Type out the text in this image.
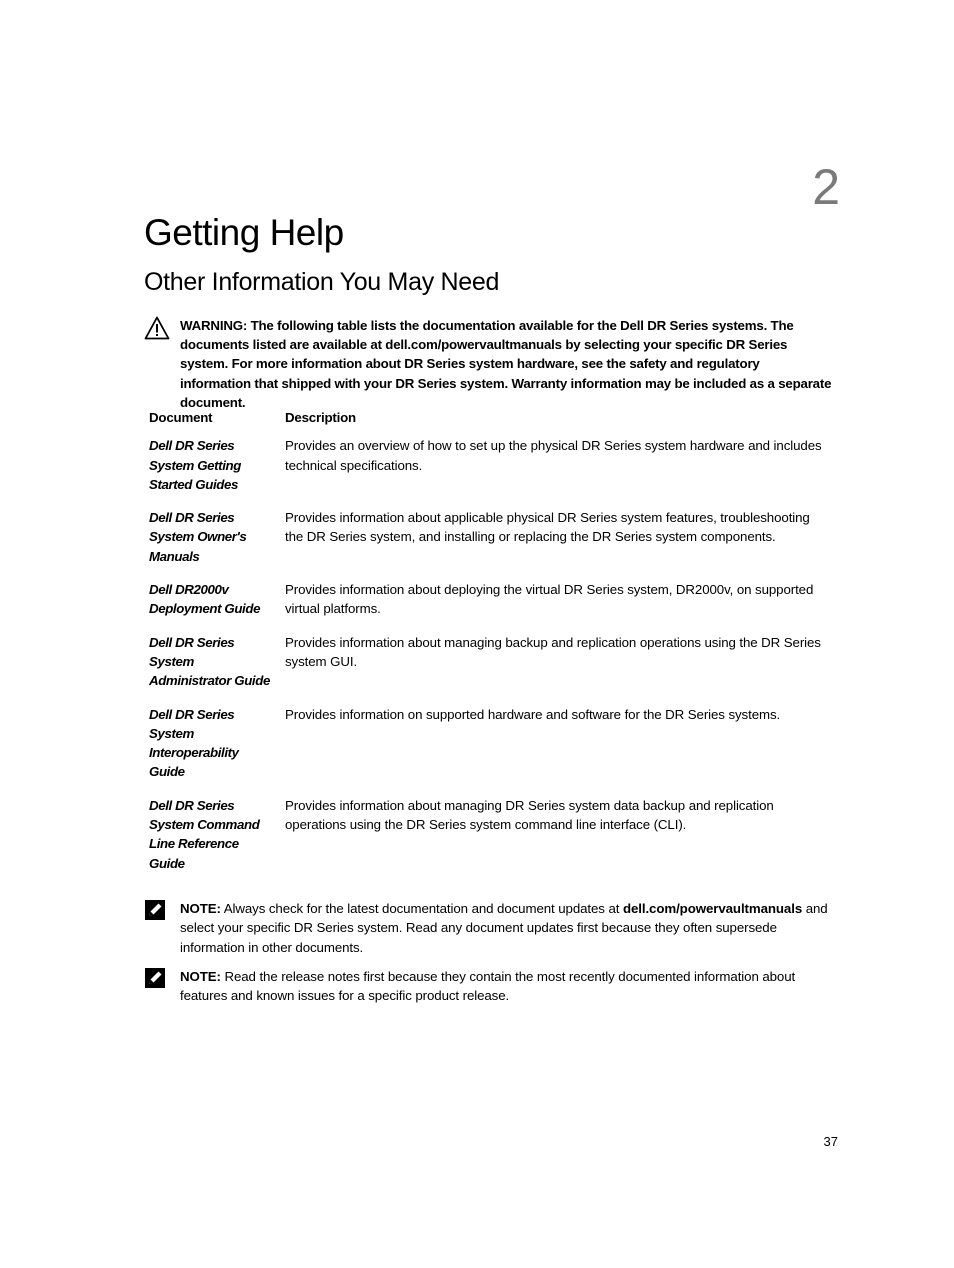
2
Getting Help
Other Information You May Need
WARNING: The following table lists the documentation available for the Dell DR Series systems. The documents listed are available at dell.com/powervaultmanuals by selecting your specific DR Series system. For more information about DR Series system hardware, see the safety and regulatory information that shipped with your DR Series system. Warranty information may be included as a separate document.
Document	Description
Dell DR Series System Getting Started Guides	Provides an overview of how to set up the physical DR Series system hardware and includes technical specifications.
Dell DR Series System Owner's Manuals	Provides information about applicable physical DR Series system features, troubleshooting the DR Series system, and installing or replacing the DR Series system components.
Dell DR2000v Deployment Guide	Provides information about deploying the virtual DR Series system, DR2000v, on supported virtual platforms.
Dell DR Series System Administrator Guide	Provides information about managing backup and replication operations using the DR Series system GUI.
Dell DR Series System Interoperability Guide	Provides information on supported hardware and software for the DR Series systems.
Dell DR Series System Command Line Reference Guide	Provides information about managing DR Series system data backup and replication operations using the DR Series system command line interface (CLI).
NOTE: Always check for the latest documentation and document updates at dell.com/powervaultmanuals and select your specific DR Series system. Read any document updates first because they often supersede information in other documents.
NOTE: Read the release notes first because they contain the most recently documented information about features and known issues for a specific product release.
37
